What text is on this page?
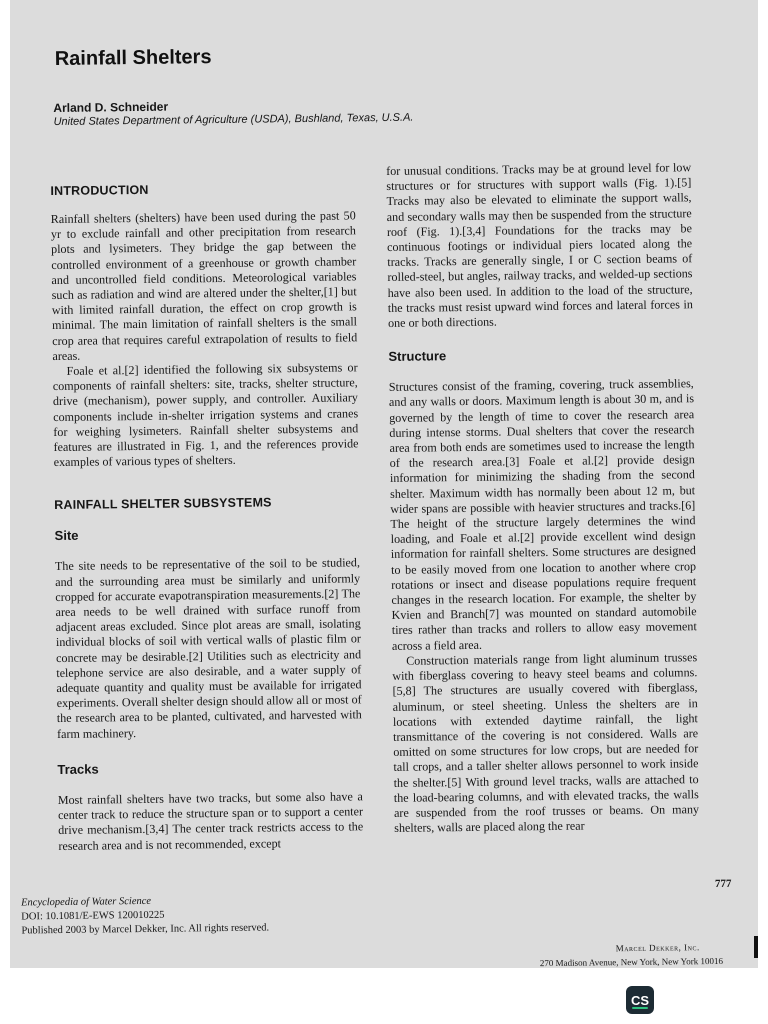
Rainfall Shelters
Arland D. Schneider
United States Department of Agriculture (USDA), Bushland, Texas, U.S.A.
INTRODUCTION

Rainfall shelters (shelters) have been used during the past 50 yr to exclude rainfall and other precipitation from research plots and lysimeters. They bridge the gap between the controlled environment of a greenhouse or growth chamber and uncontrolled field conditions. Meteorological variables such as radiation and wind are altered under the shelter,[1] but with limited rainfall duration, the effect on crop growth is minimal. The main limitation of rainfall shelters is the small crop area that requires careful extrapolation of results to field areas.

Foale et al.[2] identified the following six subsystems or components of rainfall shelters: site, tracks, shelter structure, drive (mechanism), power supply, and controller. Auxiliary components include in-shelter irrigation systems and cranes for weighing lysimeters. Rainfall shelter subsystems and features are illustrated in Fig. 1, and the references provide examples of various types of shelters.

RAINFALL SHELTER SUBSYSTEMS
Site

The site needs to be representative of the soil to be studied, and the surrounding area must be similarly and uniformly cropped for accurate evapotranspiration measurements.[2] The area needs to be well drained with surface runoff from adjacent areas excluded. Since plot areas are small, isolating individual blocks of soil with vertical walls of plastic film or concrete may be desirable.[2] Utilities such as electricity and telephone service are also desirable, and a water supply of adequate quantity and quality must be available for irrigated experiments. Overall shelter design should allow all or most of the research area to be planted, cultivated, and harvested with farm machinery.

Tracks

Most rainfall shelters have two tracks, but some also have a center track to reduce the structure span or to support a center drive mechanism.[3,4] The center track restricts access to the research area and is not recommended, except

for unusual conditions. Tracks may be at ground level for low structures or for structures with support walls (Fig. 1).[5] Tracks may also be elevated to eliminate the support walls, and secondary walls may then be suspended from the structure roof (Fig. 1).[3,4] Foundations for the tracks may be continuous footings or individual piers located along the tracks. Tracks are generally single, I or C section beams of rolled-steel, but angles, railway tracks, and welded-up sections have also been used. In addition to the load of the structure, the tracks must resist upward wind forces and lateral forces in one or both directions.

Structure

Structures consist of the framing, covering, truck assemblies, and any walls or doors. Maximum length is about 30 m, and is governed by the length of time to cover the research area during intense storms. Dual shelters that cover the research area from both ends are sometimes used to increase the length of the research area.[3] Foale et al.[2] provide design information for minimizing the shading from the second shelter. Maximum width has normally been about 12 m, but wider spans are possible with heavier structures and tracks.[6] The height of the structure largely determines the wind loading, and Foale et al.[2] provide excellent wind design information for rainfall shelters. Some structures are designed to be easily moved from one location to another where crop rotations or insect and disease populations require frequent changes in the research location. For example, the shelter by Kvien and Branch[7] was mounted on standard automobile tires rather than tracks and rollers to allow easy movement across a field area.

Construction materials range from light aluminum trusses with fiberglass covering to heavy steel beams and columns.[5,8] The structures are usually covered with fiberglass, aluminum, or steel sheeting. Unless the shelters are in locations with extended daytime rainfall, the light transmittance of the covering is not considered. Walls are omitted on some structures for low crops, but are needed for tall crops, and a taller shelter allows personnel to work inside the shelter.[5] With ground level tracks, walls are attached to the load-bearing columns, and with elevated tracks, the walls are suspended from the roof trusses or beams. On many shelters, walls are placed along the rear

Encyclopedia of Water Science
DOI: 10.1081/E-EWS 120010225
Published 2003 by Marcel Dekker, Inc. All rights reserved.
777
Marcel Dekker, Inc.
270 Madison Avenue, New York, New York 10016
CS
